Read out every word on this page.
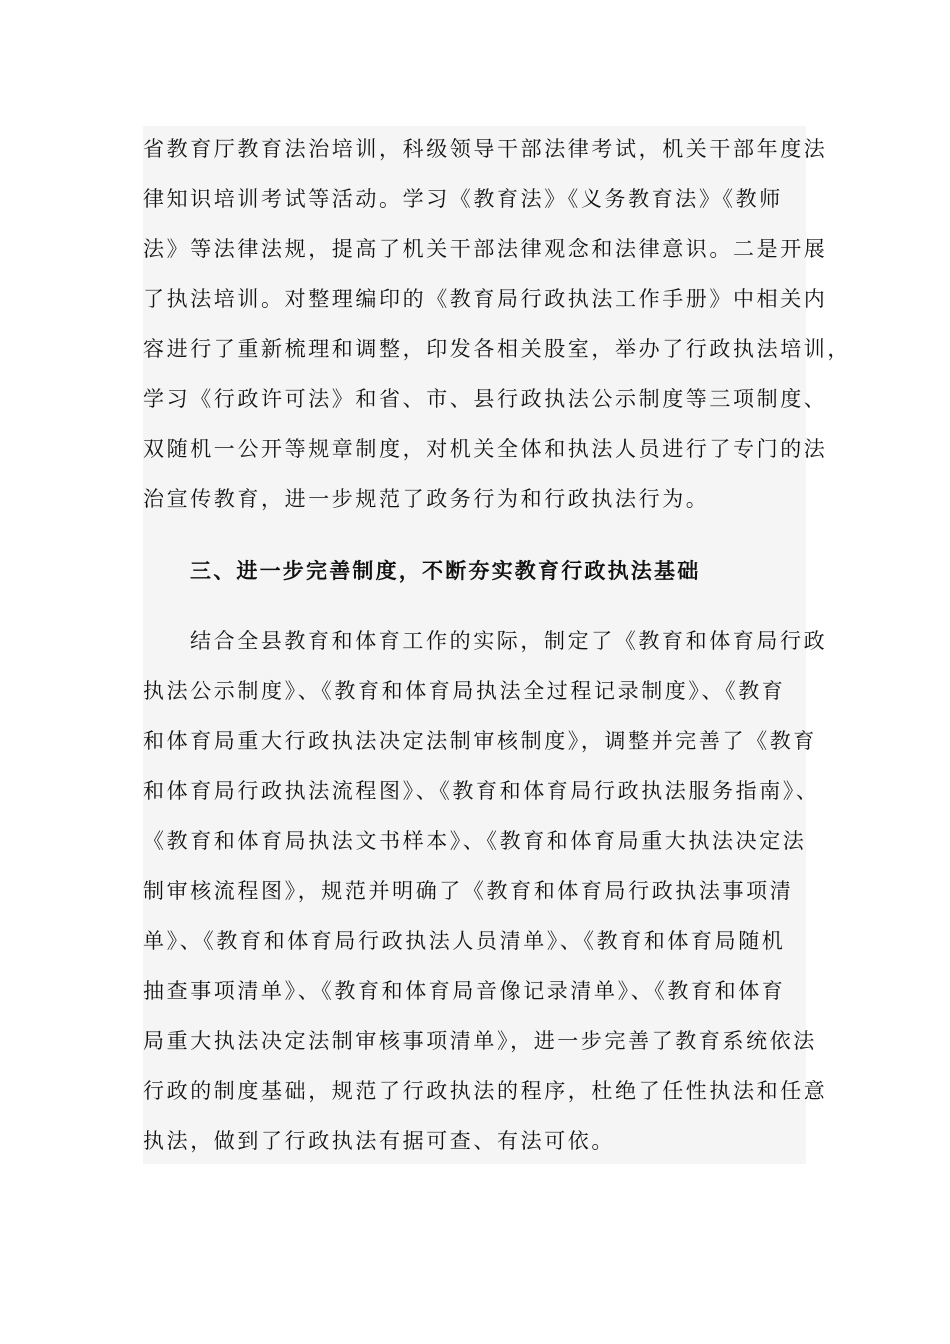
省教育厅教育法治培训，科级领导干部法律考试，机关干部年度法
律知识培训考试等活动。学习《教育法》《义务教育法》《教师
法》等法律法规，提高了机关干部法律观念和法律意识。二是开展
了执法培训。对整理编印的《教育局行政执法工作手册》中相关内
容进行了重新梳理和调整，印发各相关股室，举办了行政执法培训，
学习《行政许可法》和省、市、县行政执法公示制度等三项制度、
双随机一公开等规章制度，对机关全体和执法人员进行了专门的法
治宣传教育，进一步规范了政务行为和行政执法行为。
三、进一步完善制度，不断夯实教育行政执法基础
结合全县教育和体育工作的实际，制定了《教育和体育局行政
执法公示制度》、《教育和体育局执法全过程记录制度》、《教育
和体育局重大行政执法决定法制审核制度》，调整并完善了《教育
和体育局行政执法流程图》、《教育和体育局行政执法服务指南》、
《教育和体育局执法文书样本》、《教育和体育局重大执法决定法
制审核流程图》，规范并明确了《教育和体育局行政执法事项清
单》、《教育和体育局行政执法人员清单》、《教育和体育局随机
抽查事项清单》、《教育和体育局音像记录清单》、《教育和体育
局重大执法决定法制审核事项清单》，进一步完善了教育系统依法
行政的制度基础，规范了行政执法的程序，杜绝了任性执法和任意
执法，做到了行政执法有据可查、有法可依。
